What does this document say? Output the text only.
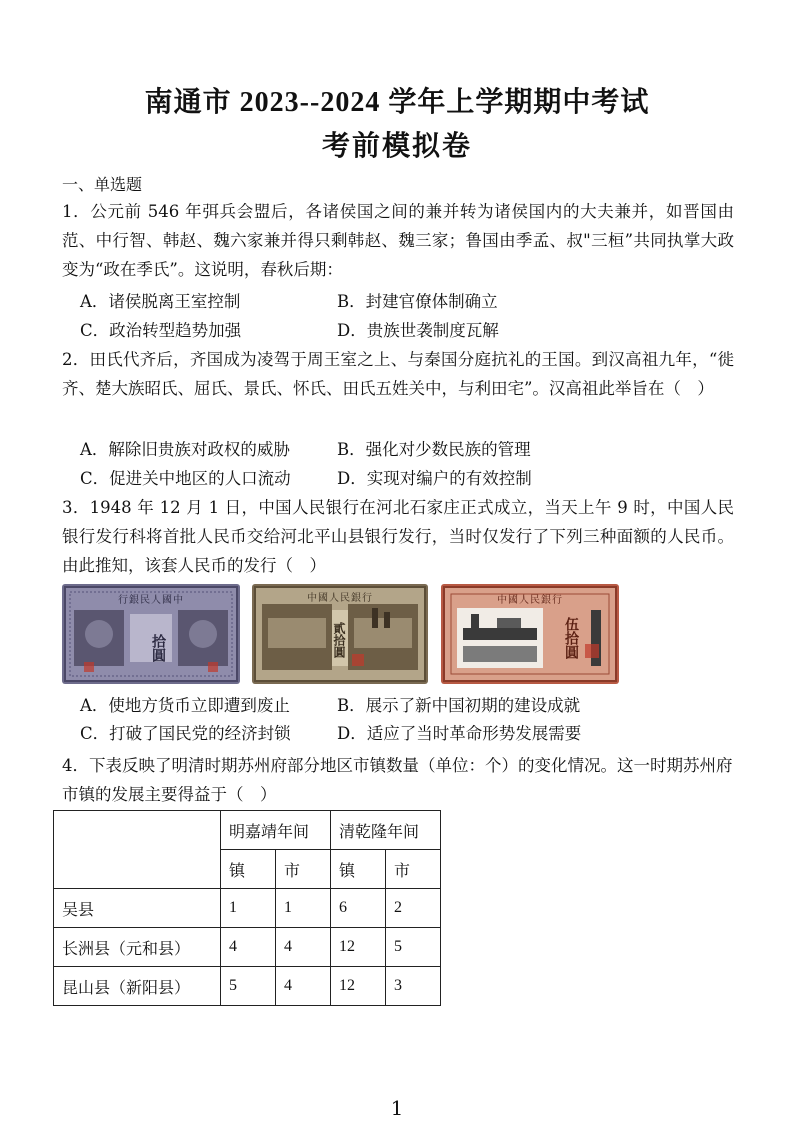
南通市 2023--2024 学年上学期期中考试
考前模拟卷
一、单选题
1．公元前 546 年弭兵会盟后，各诸侯国之间的兼并转为诸侯国内的大夫兼并，如晋国由范、中行智、韩赵、魏六家兼并得只剩韩赵、魏三家；鲁国由季孟、叔"三桓”共同执掌大政变为“政在季氏”。这说明，春秋后期：
A．诸侯脱离王室控制	B．封建官僚体制确立
C．政治转型趋势加强	D．贵族世袭制度瓦解
2．田氏代齐后，齐国成为凌驾于周王室之上、与秦国分庭抗礼的王国。到汉高祖九年，“徙齐、楚大族昭氏、屈氏、景氏、怀氏、田氏五姓关中，与利田宅”。汉高祖此举旨在（　）
A．解除旧贵族对政权的威胁	B．强化对少数民族的管理
C．促进关中地区的人口流动	D．实现对编户的有效控制
3．1948 年 12 月 1 日，中国人民银行在河北石家庄正式成立，当天上午 9 时，中国人民银行发行科将首批人民币交给河北平山县银行发行，当时仅发行了下列三种面额的人民币。由此推知，该套人民币的发行（　）
行銀民人國中
拾圓
中國人民銀行
貳拾圓
中國人民銀行
伍拾圓
A．使地方货币立即遭到废止	B．展示了新中国初期的建设成就
C．打破了国民党的经济封锁	D．适应了当时革命形势发展需要
4．下表反映了明清时期苏州府部分地区市镇数量（单位：个）的变化情况。这一时期苏州府市镇的发展主要得益于（　）
	明嘉靖年间		清乾隆年间	
	镇	市	镇	市
吴县	1	1	6	2
长洲县（元和县）	4	4	12	5
昆山县（新阳县）	5	4	12	3
1
